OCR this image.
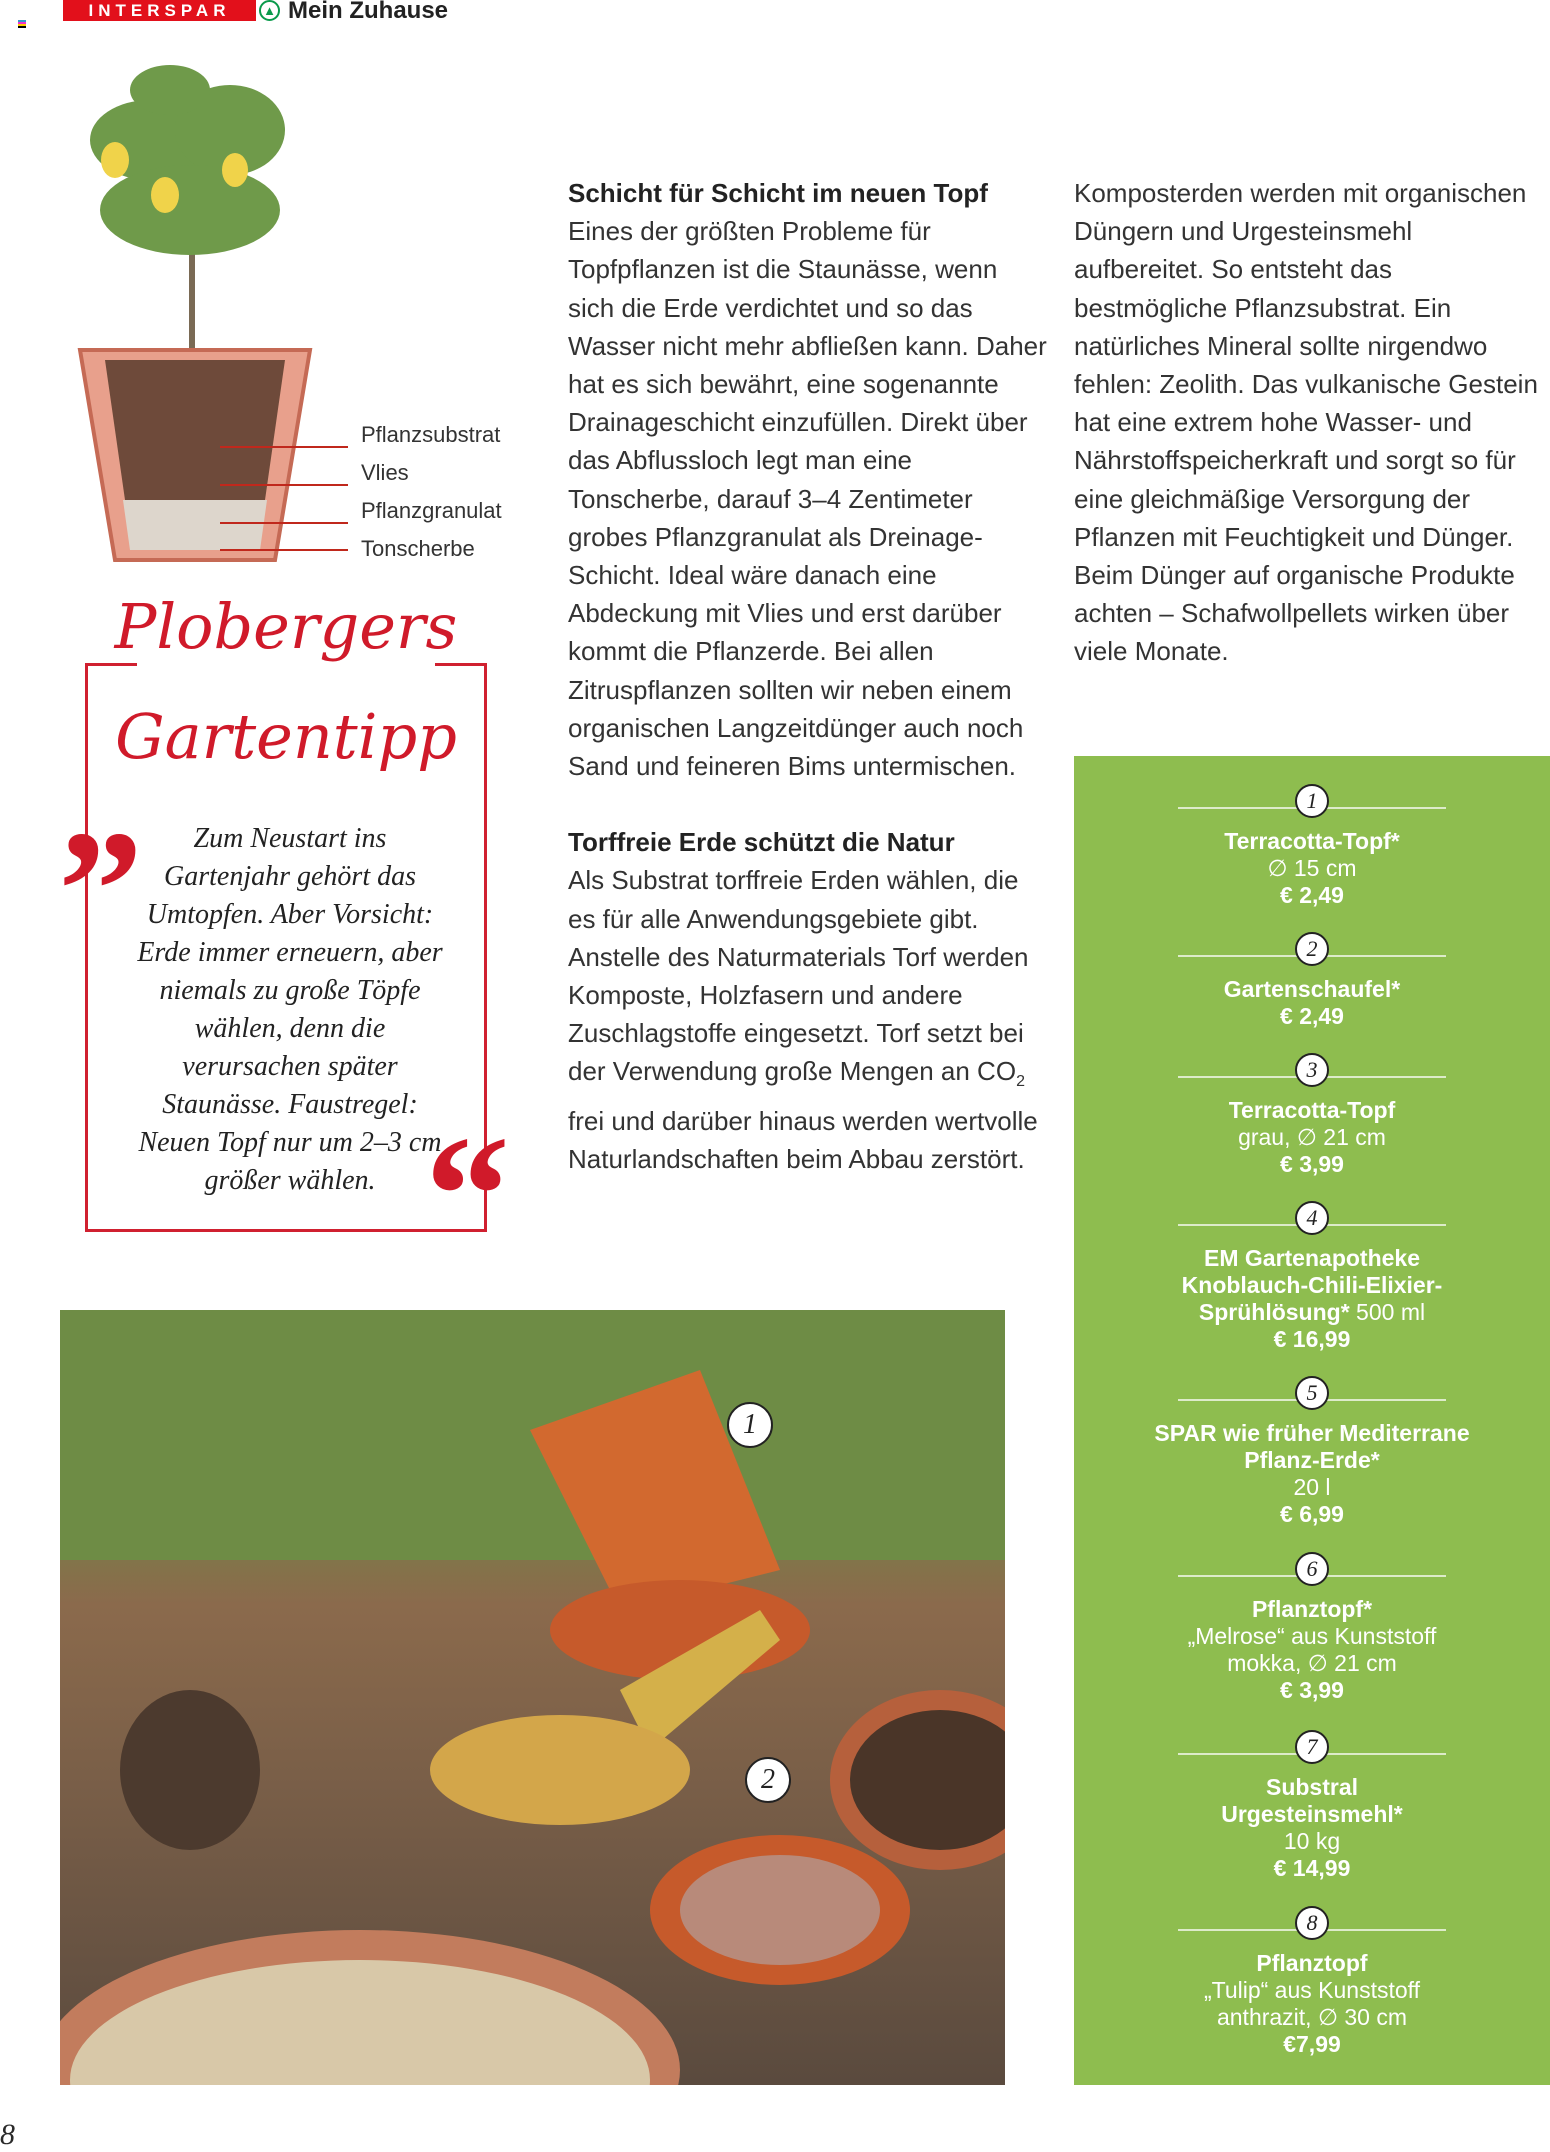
INTERSPAR	▲ Mein Zuhause
Pflanzsubstrat
Vlies
Pflanzgranulat
Tonscherbe
Plobergers
Gartentipp
”	Zum Neustart ins Gartenjahr gehört das Umtopfen. Aber Vorsicht: Erde immer erneuern, aber niemals zu große Töpfe wählen, denn die verursachen später Staunässe. Faustregel: Neuen Topf nur um 2–3 cm größer wählen. “
Schicht für Schicht im neuen Topf

Eines der größten Probleme für Topfpflanzen ist die Staunässe, wenn sich die Erde verdichtet und so das Wasser nicht mehr abfließen kann. Daher hat es sich bewährt, eine sogenannte Drainageschicht einzufüllen. Direkt über das Abflussloch legt man eine Tonscherbe, darauf 3–4 Zentimeter grobes Pflanzgranulat als Dreinage-Schicht. Ideal wäre danach eine Abdeckung mit Vlies und erst darüber kommt die Pflanzerde. Bei allen Zitruspflanzen sollten wir neben einem organischen Langzeitdünger auch noch Sand und feineren Bims untermischen.

Torffreie Erde schützt die Natur

Als Substrat torffreie Erden wählen, die es für alle Anwendungsgebiete gibt. Anstelle des Naturmaterials Torf werden Komposte, Holzfasern und andere Zuschlagstoffe eingesetzt. Torf setzt bei der Verwendung große Mengen an $CO_2$ frei und darüber hinaus werden wertvolle Naturlandschaften beim Abbau zerstört.

Komposterden werden mit organischen Düngern und Urgesteinsmehl aufbereitet. So entsteht das bestmögliche Pflanzsubstrat. Ein natürliches Mineral sollte nirgendwo fehlen: Zeolith. Das vulkanische Gestein hat eine extrem hohe Wasser- und Nährstoffspeicherkraft und sorgt so für eine gleichmäßige Versorgung der Pflanzen mit Feuchtigkeit und Dünger. Beim Dünger auf organische Produkte achten – Schafwollpellets wirken über viele Monate.

1
2
1
Terracotta-Topf*
∅ 15 cm
€ 2,49
2
Gartenschaufel*
€ 2,49
3
Terracotta-Topf
grau, ∅ 21 cm
€ 3,99
4
EM Gartenapotheke Knoblauch-Chili-Elixier-Sprühlösung* 500 ml
€ 16,99
5
SPAR wie früher Mediterrane Pflanz-Erde*
20 l
€ 6,99
6
Pflanztopf*
„Melrose“ aus Kunststoff mokka, ∅ 21 cm
€ 3,99
7
Substral Urgesteinsmehl*
10 kg
€ 14,99
8
Pflanztopf
„Tulip“ aus Kunststoff anthrazit, ∅ 30 cm
€7,99
8
